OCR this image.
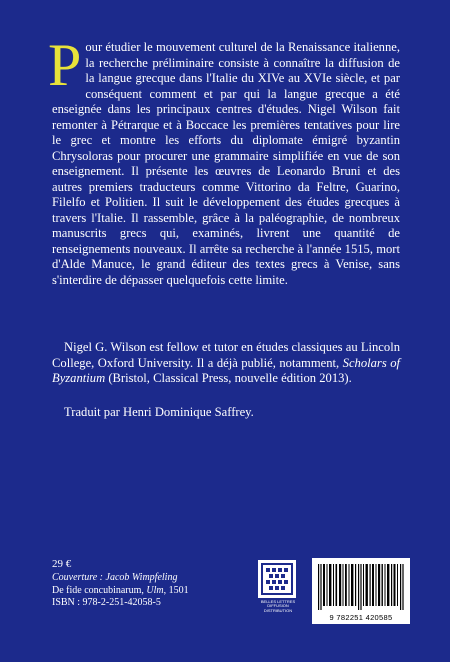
Pour étudier le mouvement culturel de la Renaissance italienne, la recherche préliminaire consiste à connaître la diffusion de la langue grecque dans l'Italie du XIVe au XVIe siècle, et par conséquent comment et par qui la langue grecque a été enseignée dans les principaux centres d'études. Nigel Wilson fait remonter à Pétrarque et à Boccace les premières tentatives pour lire le grec et montre les efforts du diplomate émigré byzantin Chrysoloras pour procurer une grammaire simplifiée en vue de son enseignement. Il présente les œuvres de Leonardo Bruni et des autres premiers traducteurs comme Vittorino da Feltre, Guarino, Filelfo et Politien. Il suit le développement des études grecques à travers l'Italie. Il rassemble, grâce à la paléographie, de nombreux manuscrits grecs qui, examinés, livrent une quantité de renseignements nouveaux. Il arrête sa recherche à l'année 1515, mort d'Alde Manuce, le grand éditeur des textes grecs à Venise, sans s'interdire de dépasser quelquefois cette limite.
Nigel G. Wilson est fellow et tutor en études classiques au Lincoln College, Oxford University. Il a déjà publié, notamment, Scholars of Byzantium (Bristol, Classical Press, nouvelle édition 2013).
Traduit par Henri Dominique Saffrey.
29 €
Couverture : Jacob Wimpfeling
De fide concubinarum, Ulm, 1501
ISBN : 978-2-251-42058-5	BELLES LETTRES
DIFFUSION
DISTRIBUTION
9 782251 420585
